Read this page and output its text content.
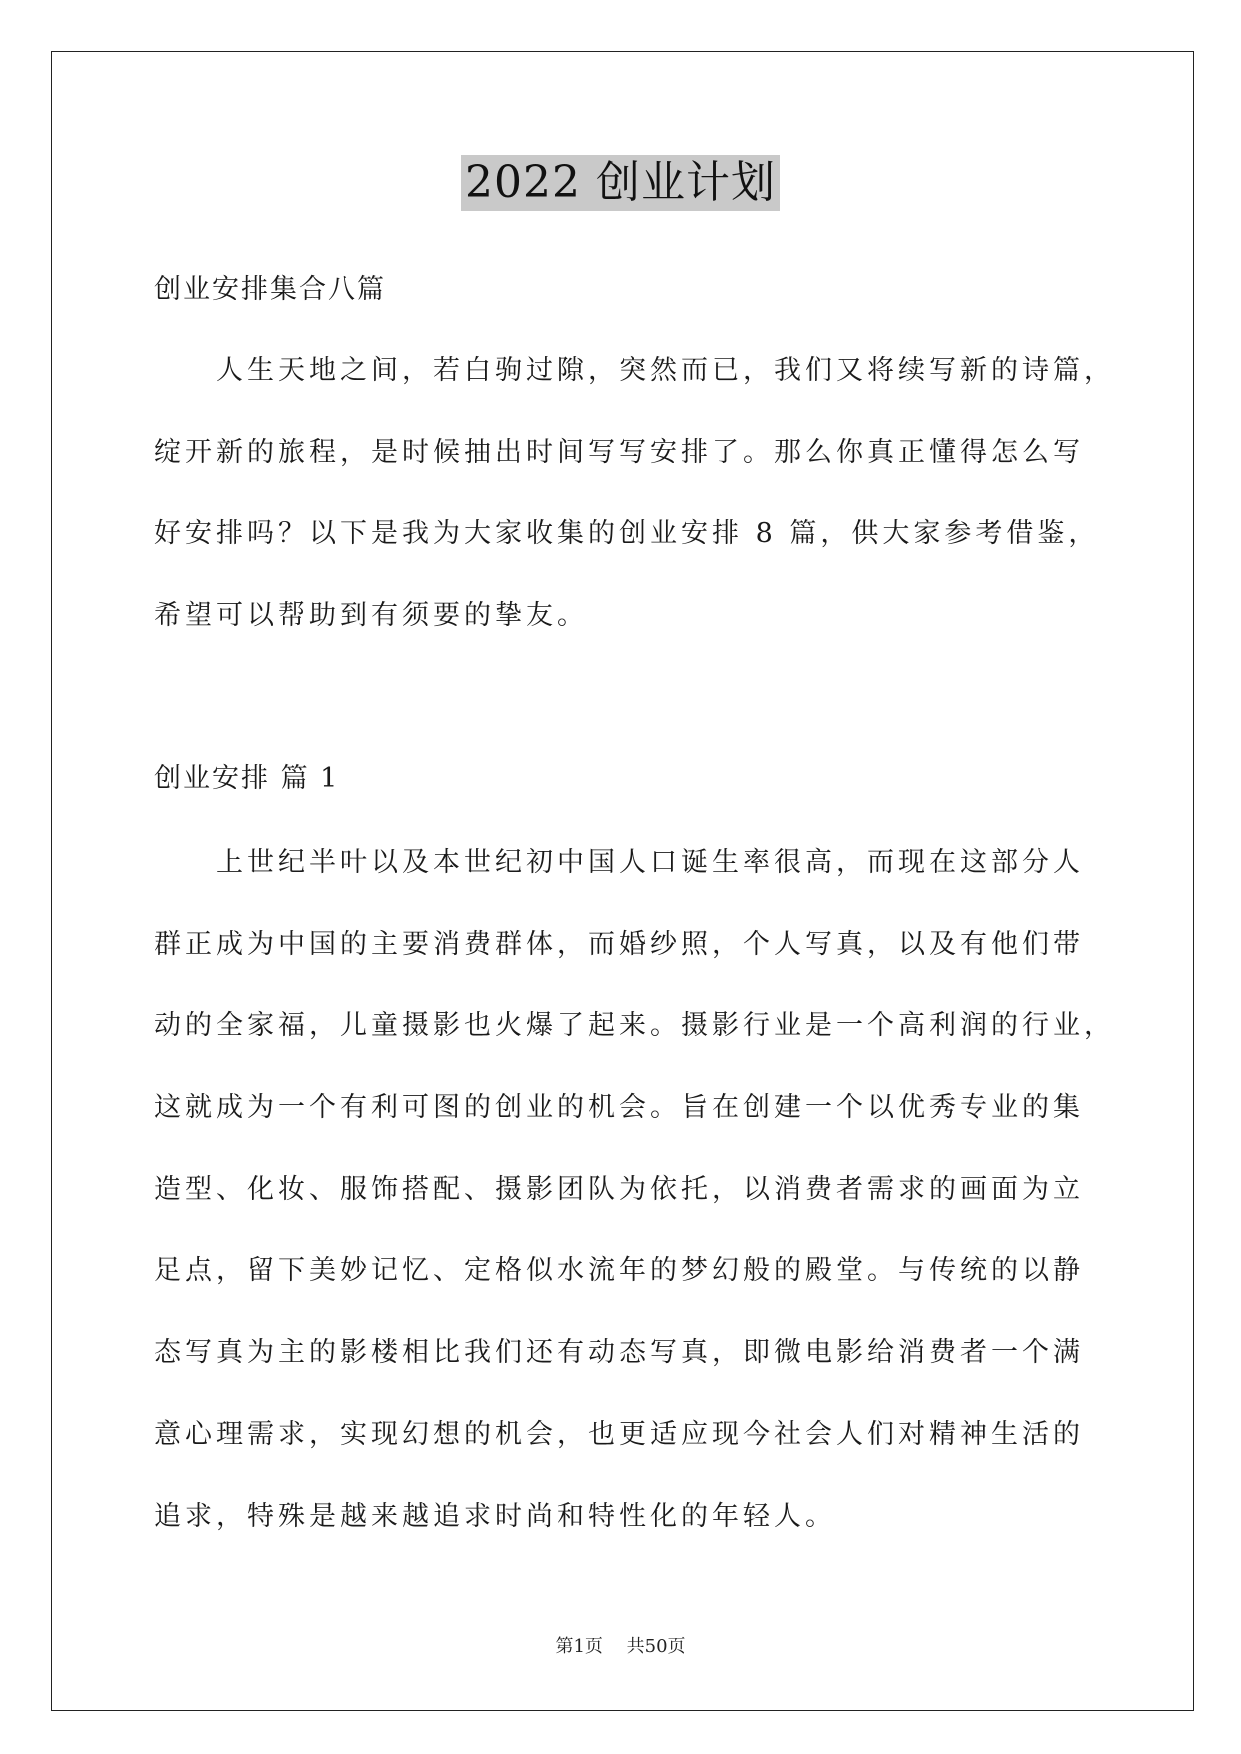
2022 创业计划
创业安排集合八篇
人生天地之间，若白驹过隙，突然而已，我们又将续写新的诗篇，
绽开新的旅程，是时候抽出时间写写安排了。那么你真正懂得怎么写
好安排吗？以下是我为大家收集的创业安排 8 篇，供大家参考借鉴，
希望可以帮助到有须要的挚友。
创业安排 篇 1
上世纪半叶以及本世纪初中国人口诞生率很高，而现在这部分人
群正成为中国的主要消费群体，而婚纱照，个人写真，以及有他们带
动的全家福，儿童摄影也火爆了起来。摄影行业是一个高利润的行业，
这就成为一个有利可图的创业的机会。旨在创建一个以优秀专业的集
造型、化妆、服饰搭配、摄影团队为依托，以消费者需求的画面为立
足点，留下美妙记忆、定格似水流年的梦幻般的殿堂。与传统的以静
态写真为主的影楼相比我们还有动态写真，即微电影给消费者一个满
意心理需求，实现幻想的机会，也更适应现今社会人们对精神生活的
追求，特殊是越来越追求时尚和特性化的年轻人。
第1页 共50页
